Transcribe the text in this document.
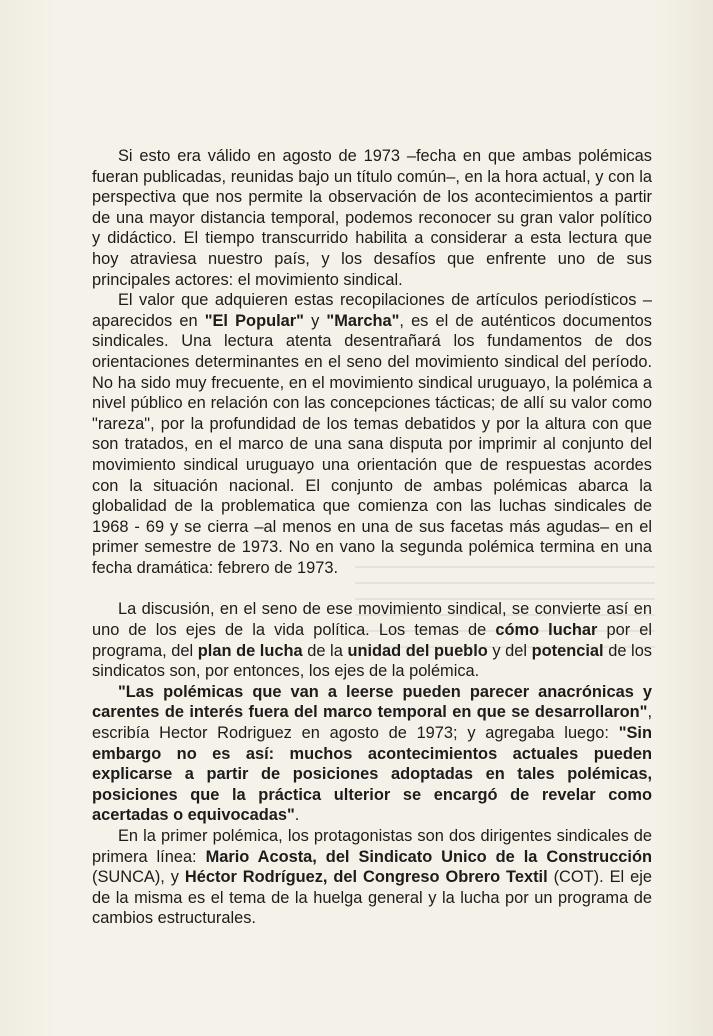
Si esto era válido en agosto de 1973 –fecha en que ambas polémicas fueran publicadas, reunidas bajo un título común–, en la hora actual, y con la perspectiva que nos permite la observación de los acontecimientos a partir de una mayor distancia temporal, podemos reconocer su gran valor político y didáctico. El tiempo transcurrido habilita a considerar a esta lectura que hoy atraviesa nuestro país, y los desafíos que enfrente uno de sus principales actores: el movimiento sindical.

El valor que adquieren estas recopilaciones de artículos periodísticos –aparecidos en "El Popular" y "Marcha", es el de auténticos documentos sindicales. Una lectura atenta desentrañará los fundamentos de dos orientaciones determinantes en el seno del movimiento sindical del período. No ha sido muy frecuente, en el movimiento sindical uruguayo, la polémica a nivel público en relación con las concepciones tácticas; de allí su valor como "rareza", por la profundidad de los temas debatidos y por la altura con que son tratados, en el marco de una sana disputa por imprimir al conjunto del movimiento sindical uruguayo una orientación que de respuestas acordes con la situación nacional. El conjunto de ambas polémicas abarca la globalidad de la problematica que comienza con las luchas sindicales de 1968 - 69 y se cierra –al menos en una de sus facetas más agudas– en el primer semestre de 1973. No en vano la segunda polémica termina en una fecha dramática: febrero de 1973.

La discusión, en el seno de ese movimiento sindical, se convierte así en uno de los ejes de la vida política. Los temas de cómo luchar por el programa, del plan de lucha de la unidad del pueblo y del potencial de los sindicatos son, por entonces, los ejes de la polémica.

"Las polémicas que van a leerse pueden parecer anacrónicas y carentes de interés fuera del marco temporal en que se desarrollaron", escribía Hector Rodriguez en agosto de 1973; y agregaba luego: "Sin embargo no es así: muchos acontecimientos actuales pueden explicarse a partir de posiciones adoptadas en tales polémicas, posiciones que la práctica ulterior se encargó de revelar como acertadas o equivocadas".

En la primer polémica, los protagonistas son dos dirigentes sindicales de primera línea: Mario Acosta, del Sindicato Unico de la Construcción (SUNCA), y Héctor Rodríguez, del Congreso Obrero Textil (COT). El eje de la misma es el tema de la huelga general y la lucha por un programa de cambios estructurales.
